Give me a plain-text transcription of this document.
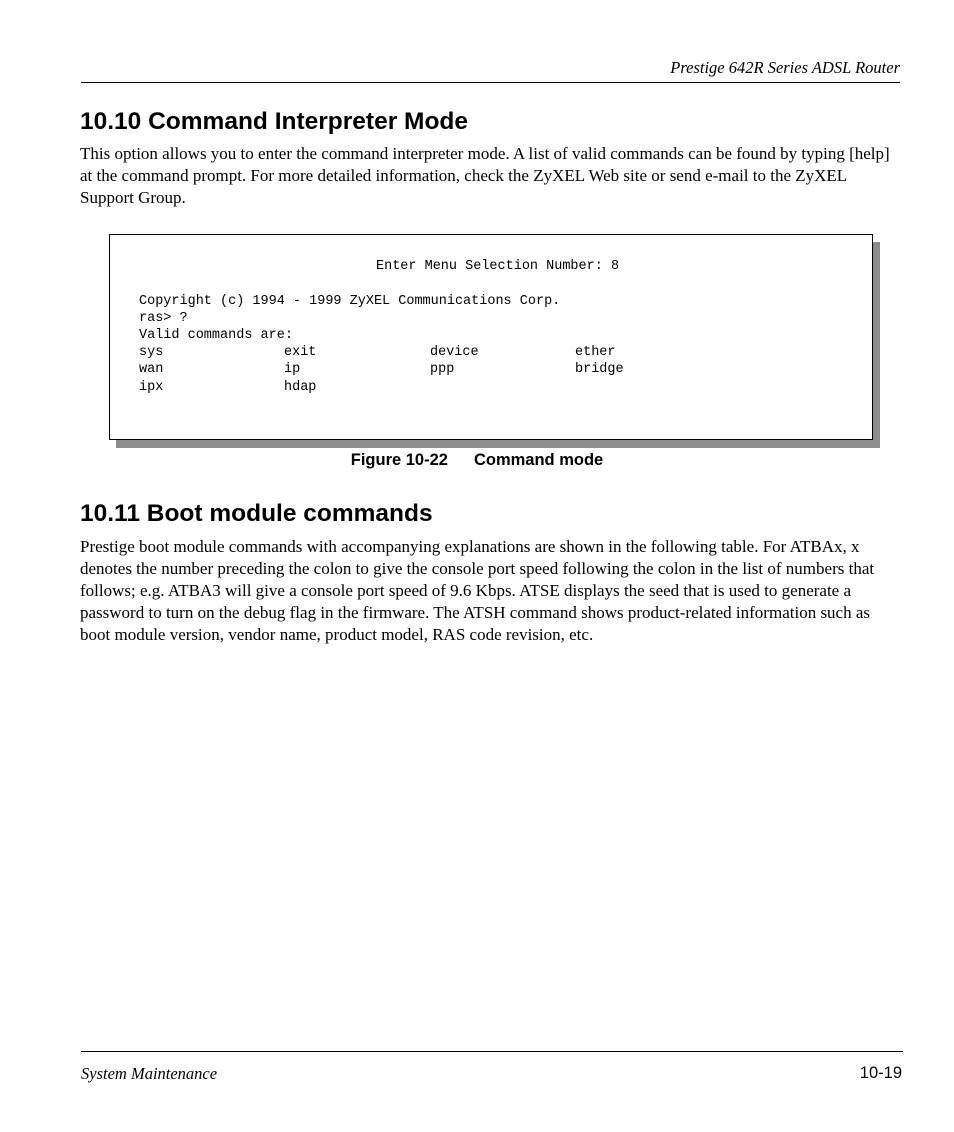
Prestige 642R Series ADSL Router
10.10 Command Interpreter Mode

This option allows you to enter the command interpreter mode. A list of valid commands can be found by typing [help] at the command prompt. For more detailed information, check the ZyXEL Web site or send e-mail to the ZyXEL Support Group.

Enter Menu Selection Number: 8
Copyright (c) 1994 - 1999 ZyXEL Communications Corp.
ras> ?
Valid commands are:
sys	exit	device	ether
wan	ip	ppp	bridge
ipx	hdap
Figure 10-22 Command mode
10.11 Boot module commands

Prestige boot module commands with accompanying explanations are shown in the following table. For ATBAx, x denotes the number preceding the colon to give the console port speed following the colon in the list of numbers that follows; e.g. ATBA3 will give a console port speed of 9.6 Kbps. ATSE displays the seed that is used to generate a password to turn on the debug flag in the firmware. The ATSH command shows product-related information such as boot module version, vendor name, product model, RAS code revision, etc.

System Maintenance	10-19
